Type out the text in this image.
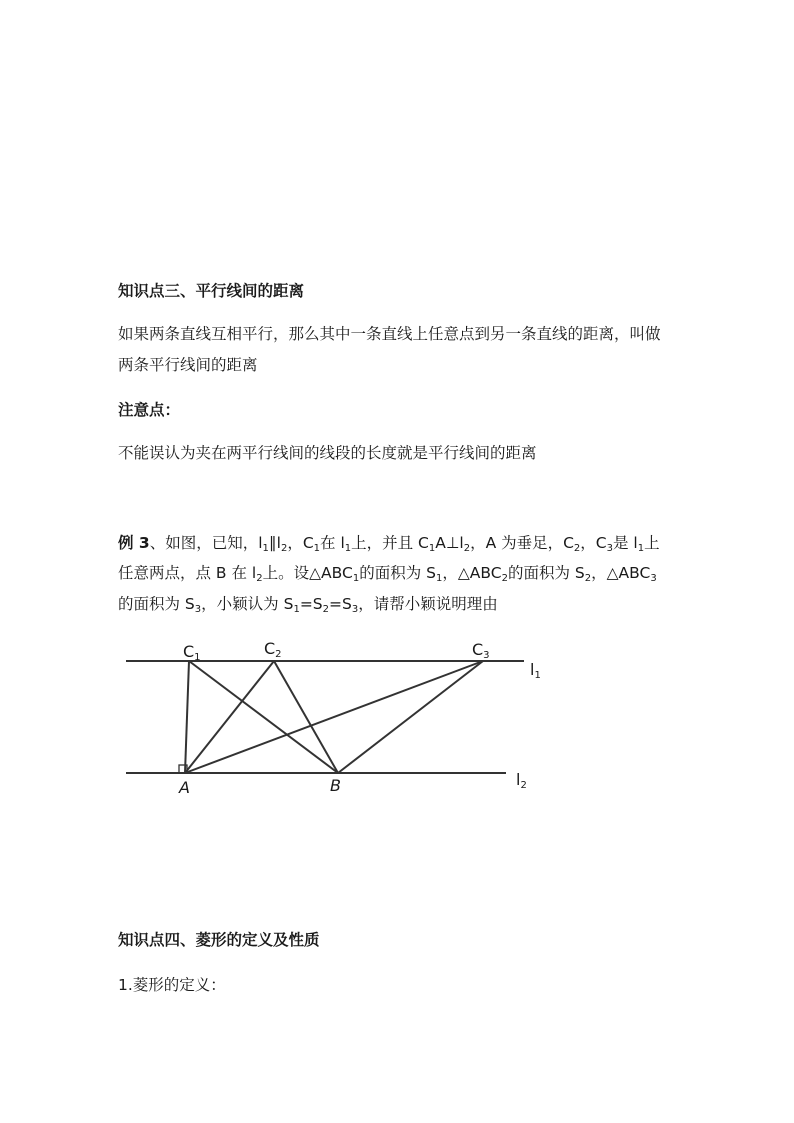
知识点三、平行线间的距离
如果两条直线互相平行，那么其中一条直线上任意点到另一条直线的距离，叫做
两条平行线间的距离
注意点：
不能误认为夹在两平行线间的线段的长度就是平行线间的距离
例 3、如图，已知，$l_1\parallel l_2$，$C_1$在 $l_1$上，并且 $C_1A\perp l_2$，A 为垂足，$C_2$，$C_3$是 $l_1$上
任意两点，点 B 在 $l_2$上。设$\triangle ABC_1$的面积为 $S_1$，$\triangle ABC_2$的面积为 $S_2$，$\triangle ABC_3$
的面积为 $S_3$，小颖认为 $S_1=S_2=S_3$，请帮小颖说明理由
C1	C2	C3
l1
l2
A	B
知识点四、菱形的定义及性质
1.菱形的定义：
